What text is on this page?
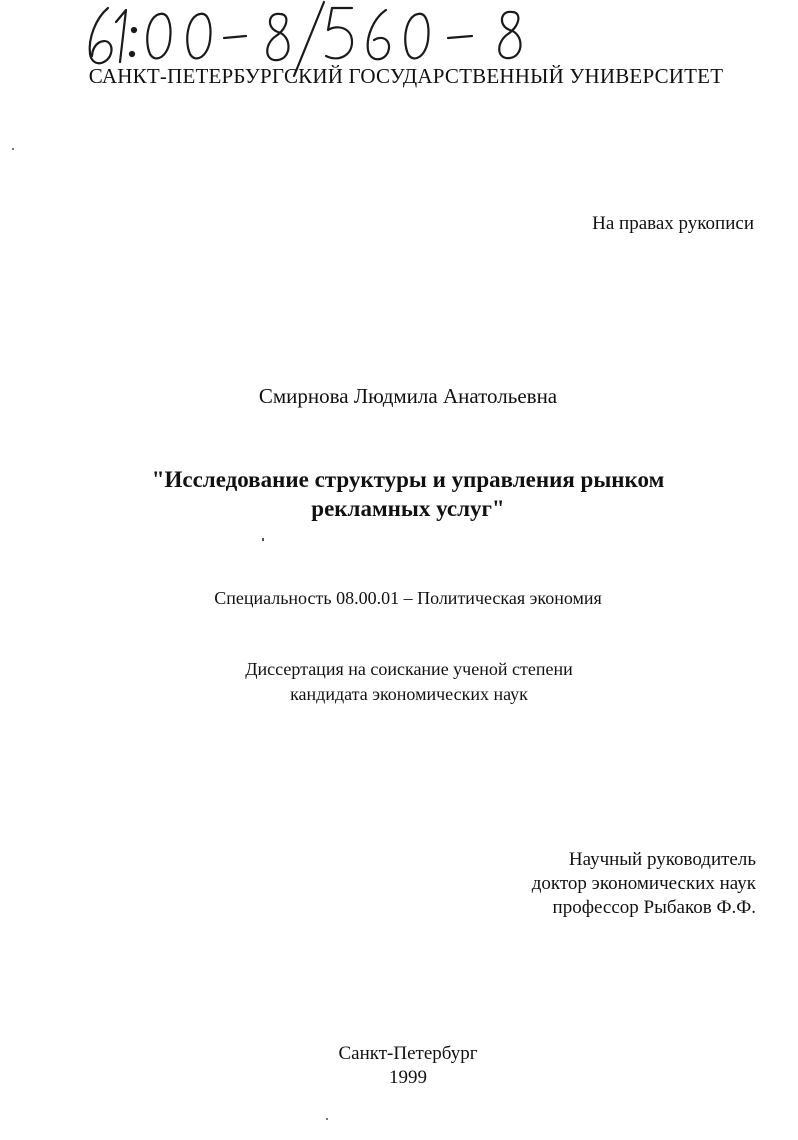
САНКТ-ПЕТЕРБУРГСКИЙ ГОСУДАРСТВЕННЫЙ УНИВЕРСИТЕТ
На правах рукописи
Смирнова Людмила Анатольевна
"Исследование структуры и управления рынком
рекламных услуг"
Специальность 08.00.01 – Политическая экономия
Диссертация на соискание ученой степени
кандидата экономических наук
Научный руководитель
доктор экономических наук
профессор Рыбаков Ф.Ф.
Санкт-Петербург
1999
